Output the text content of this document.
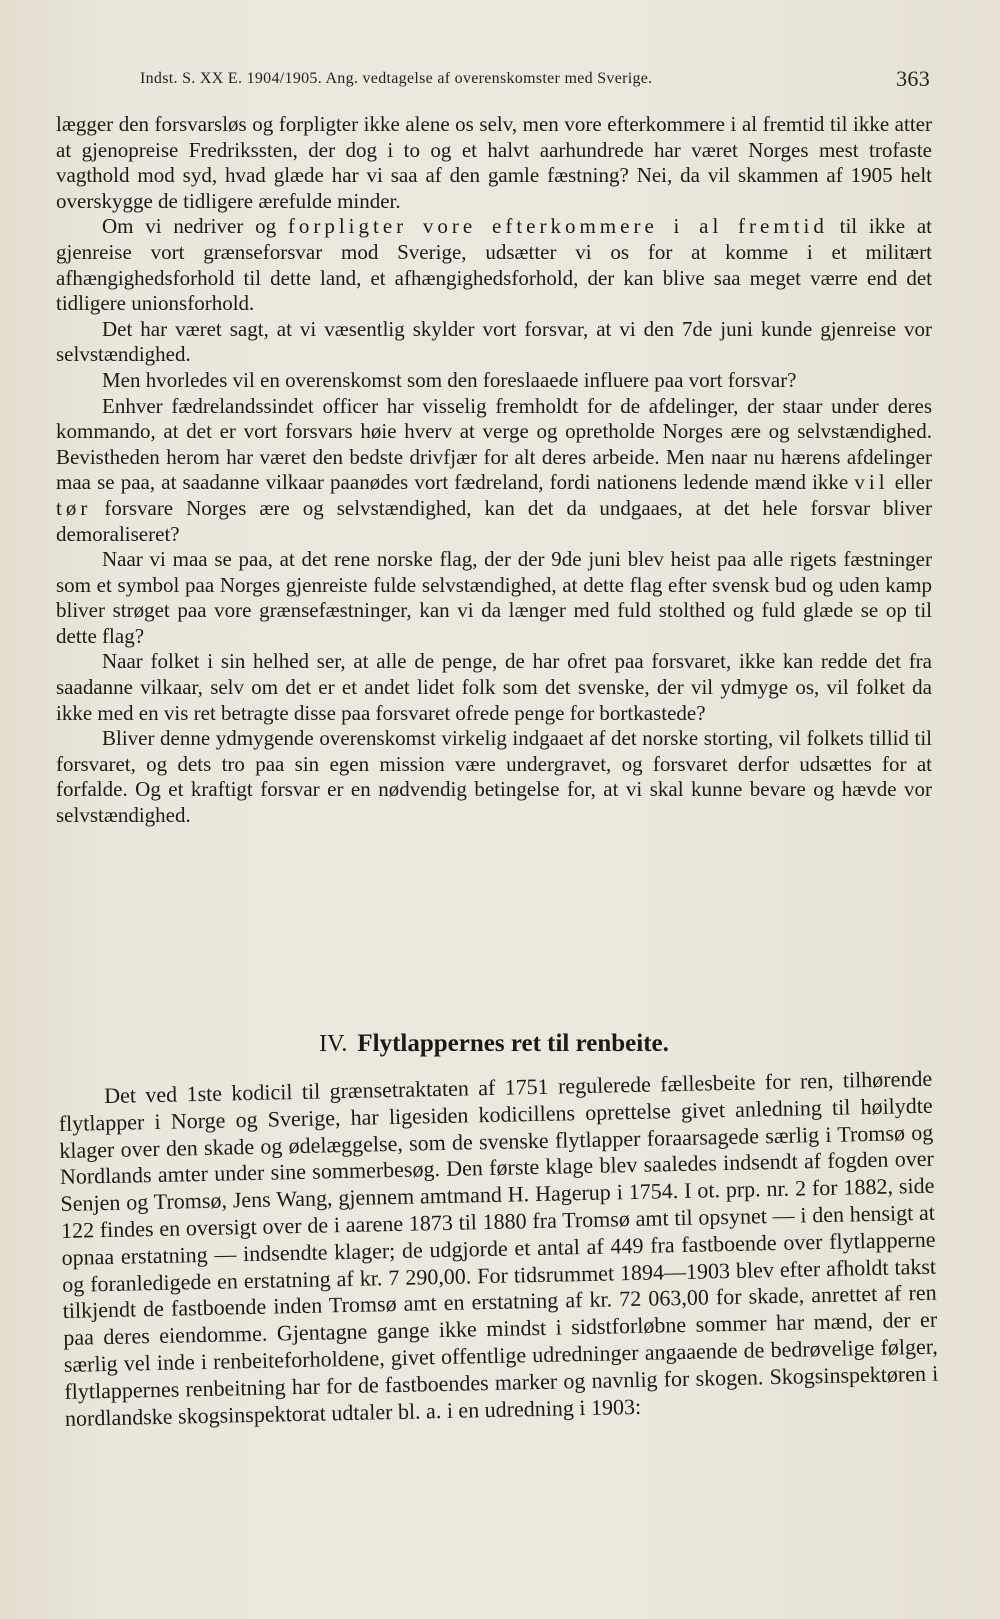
Indst. S. XX E. 1904/1905. Ang. vedtagelse af overenskomster med Sverige.	363

lægger den forsvarsløs og forpligter ikke alene os selv, men vore efterkommere i al fremtid til ikke atter at gjenopreise Fredrikssten, der dog i to og et halvt aarhundrede har været Norges mest trofaste vagthold mod syd, hvad glæde har vi saa af den gamle fæstning? Nei, da vil skammen af 1905 helt overskygge de tidligere ærefulde minder.

Om vi nedriver og forpligter vore efterkommere i al fremtid til ikke at gjenreise vort grænseforsvar mod Sverige, udsætter vi os for at komme i et militært afhængighedsforhold til dette land, et afhængighedsforhold, der kan blive saa meget værre end det tidligere unionsforhold.

Det har været sagt, at vi væsentlig skylder vort forsvar, at vi den 7de juni kunde gjenreise vor selvstændighed.

Men hvorledes vil en overenskomst som den foreslaaede influere paa vort forsvar?

Enhver fædrelandssindet officer har visselig fremholdt for de afdelinger, der staar under deres kommando, at det er vort forsvars høie hverv at verge og opretholde Norges ære og selvstændighed. Bevistheden herom har været den bedste drivfjær for alt deres arbeide. Men naar nu hærens afdelinger maa se paa, at saadanne vilkaar paanødes vort fædreland, fordi nationens ledende mænd ikke vil eller tør forsvare Norges ære og selvstændighed, kan det da undgaaes, at det hele forsvar bliver demoraliseret?

Naar vi maa se paa, at det rene norske flag, der der 9de juni blev heist paa alle rigets fæstninger som et symbol paa Norges gjenreiste fulde selvstændighed, at dette flag efter svensk bud og uden kamp bliver strøget paa vore grænsefæstninger, kan vi da længer med fuld stolthed og fuld glæde se op til dette flag?

Naar folket i sin helhed ser, at alle de penge, de har ofret paa forsvaret, ikke kan redde det fra saadanne vilkaar, selv om det er et andet lidet folk som det svenske, der vil ydmyge os, vil folket da ikke med en vis ret betragte disse paa forsvaret ofrede penge for bortkastede?

Bliver denne ydmygende overenskomst virkelig indgaaet af det norske storting, vil folkets tillid til forsvaret, og dets tro paa sin egen mission være undergravet, og forsvaret derfor udsættes for at forfalde. Og et kraftigt forsvar er en nødvendig betingelse for, at vi skal kunne bevare og hævde vor selvstændighed.

IV. Flytlappernes ret til renbeite.

Det ved 1ste kodicil til grænsetraktaten af 1751 regulerede fællesbeite for ren, tilhørende flytlapper i Norge og Sverige, har ligesiden kodicillens oprettelse givet anledning til høilydte klager over den skade og ødelæggelse, som de svenske flytlapper foraarsagede særlig i Tromsø og Nordlands amter under sine sommerbesøg. Den første klage blev saaledes indsendt af fogden over Senjen og Tromsø, Jens Wang, gjennem amtmand H. Hagerup i 1754. I ot. prp. nr. 2 for 1882, side 122 findes en oversigt over de i aarene 1873 til 1880 fra Tromsø amt til opsynet — i den hensigt at opnaa erstatning — indsendte klager; de udgjorde et antal af 449 fra fastboende over flytlapperne og foranledigede en erstatning af kr. 7 290,00. For tidsrummet 1894—1903 blev efter afholdt takst tilkjendt de fastboende inden Tromsø amt en erstatning af kr. 72 063,00 for skade, anrettet af ren paa deres eiendomme. Gjentagne gange ikke mindst i sidstforløbne sommer har mænd, der er særlig vel inde i renbeiteforholdene, givet offentlige udredninger angaaende de bedrøvelige følger, flytlappernes renbeitning har for de fastboendes marker og navnlig for skogen. Skogsinspektøren i nordlandske skogsinspektorat udtaler bl. a. i en udredning i 1903:
